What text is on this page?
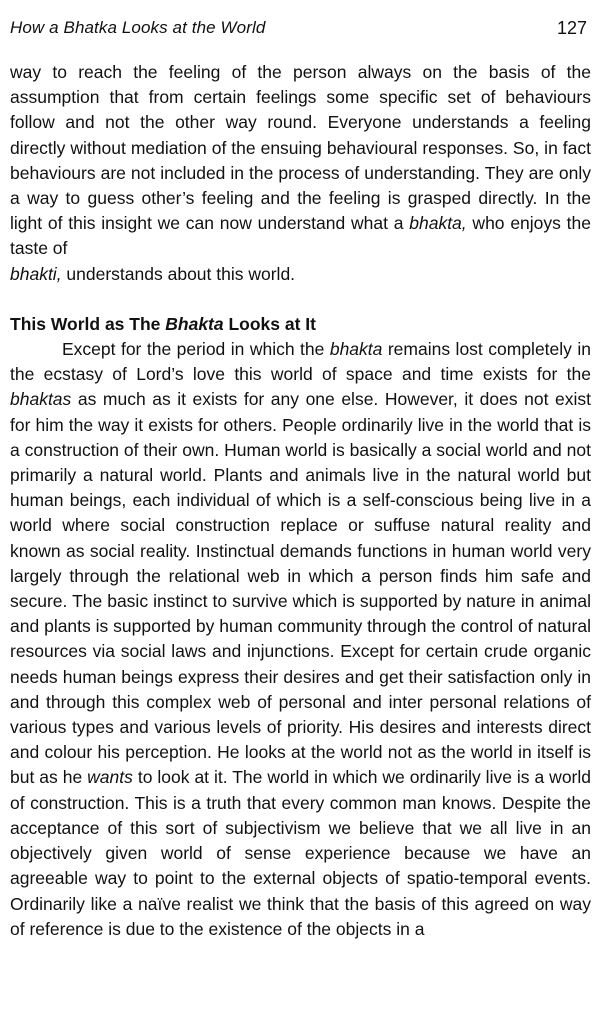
How a Bhatka Looks at the World	127

way to reach the feeling of the person always on the basis of the assumption that from certain feelings some specific set of behaviours follow and not the other way round. Everyone understands a feeling directly without mediation of the ensuing behavioural responses. So, in fact behaviours are not included in the process of understanding. They are only a way to guess other’s feeling and the feeling is grasped directly. In the light of this insight we can now understand what a bhakta, who enjoys the taste of
bhakti, understands about this world.

This World as The Bhakta Looks at It

Except for the period in which the bhakta remains lost completely in the ecstasy of Lord’s love this world of space and time exists for the bhaktas as much as it exists for any one else. However, it does not exist for him the way it exists for others. People ordinarily live in the world that is a construction of their own. Human world is basically a social world and not primarily a natural world. Plants and animals live in the natural world but human beings, each individual of which is a self-conscious being live in a world where social construction replace or suffuse natural reality and known as social reality. Instinctual demands functions in human world very largely through the relational web in which a person finds him safe and secure. The basic instinct to survive which is supported by nature in animal and plants is supported by human community through the control of natural resources via social laws and injunctions. Except for certain crude organic needs human beings express their desires and get their satisfaction only in and through this complex web of personal and inter personal relations of various types and various levels of priority. His desires and interests direct and colour his perception. He looks at the world not as the world in itself is but as he wants to look at it. The world in which we ordinarily live is a world of construction. This is a truth that every common man knows. Despite the acceptance of this sort of subjectivism we believe that we all live in an objectively given world of sense experience because we have an agreeable way to point to the external objects of spatio-temporal events. Ordinarily like a naïve realist we think that the basis of this agreed on way of reference is due to the existence of the objects in a
